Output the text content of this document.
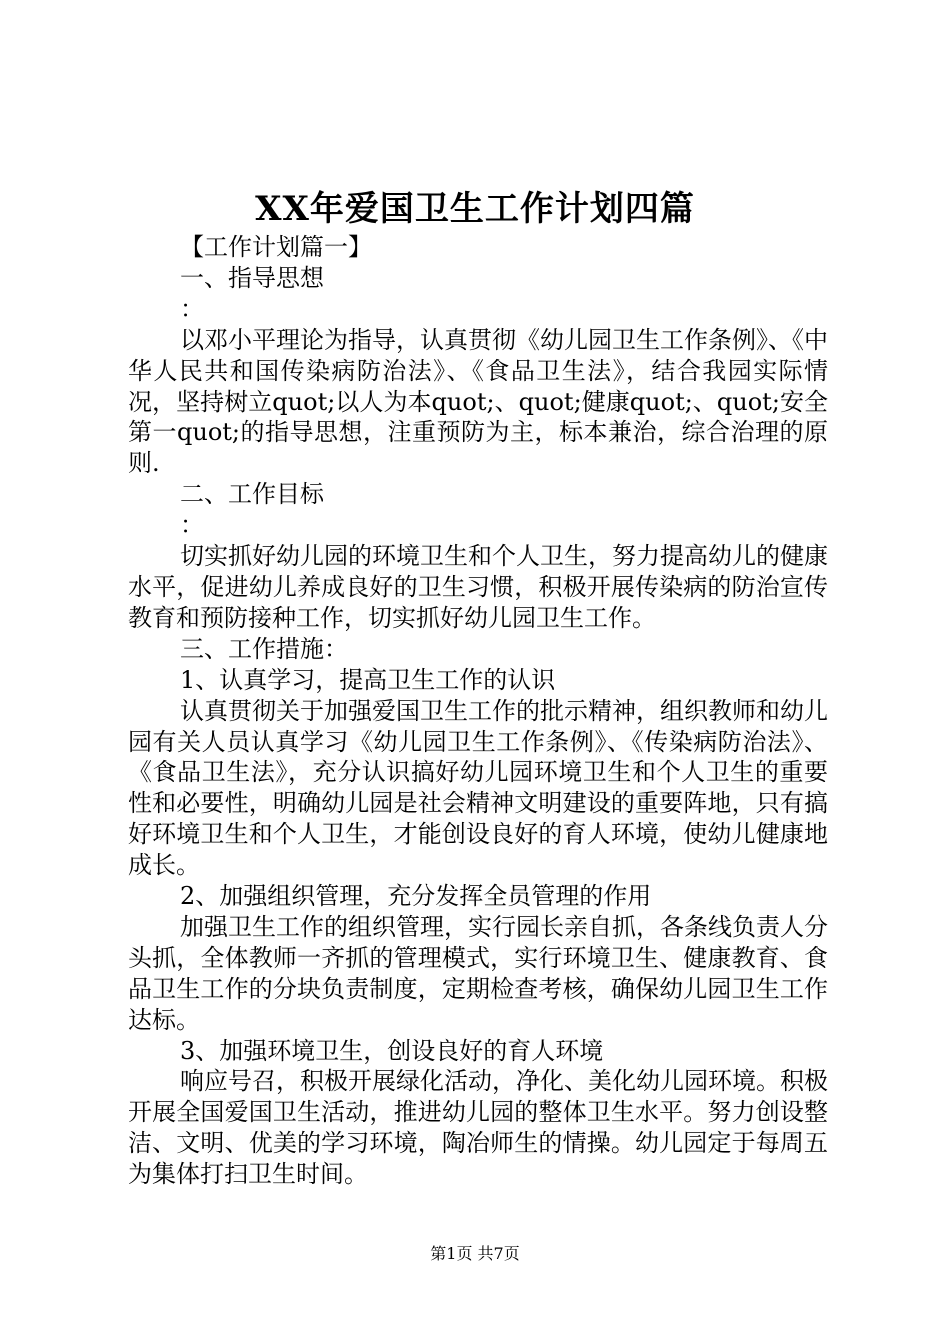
XX年爱国卫生工作计划四篇

【工作计划篇一】

一、指导思想

：

以邓小平理论为指导，认真贯彻《幼儿园卫生工作条例》、《中华人民共和国传染病防治法》、《食品卫生法》，结合我园实际情况，坚持树立quot;以人为本quot;、quot;健康quot;、quot;安全第一quot;的指导思想，注重预防为主，标本兼治，综合治理的原则.

二、工作目标

：

切实抓好幼儿园的环境卫生和个人卫生，努力提高幼儿的健康水平，促进幼儿养成良好的卫生习惯，积极开展传染病的防治宣传教育和预防接种工作，切实抓好幼儿园卫生工作。

三、工作措施：

1、认真学习，提高卫生工作的认识

认真贯彻关于加强爱国卫生工作的批示精神，组织教师和幼儿园有关人员认真学习《幼儿园卫生工作条例》、《传染病防治法》、《食品卫生法》，充分认识搞好幼儿园环境卫生和个人卫生的重要性和必要性，明确幼儿园是社会精神文明建设的重要阵地，只有搞好环境卫生和个人卫生，才能创设良好的育人环境，使幼儿健康地成长。

2、加强组织管理，充分发挥全员管理的作用

加强卫生工作的组织管理，实行园长亲自抓，各条线负责人分头抓，全体教师一齐抓的管理模式，实行环境卫生、健康教育、食品卫生工作的分块负责制度，定期检查考核，确保幼儿园卫生工作达标。

3、加强环境卫生，创设良好的育人环境

响应号召，积极开展绿化活动，净化、美化幼儿园环境。积极开展全国爱国卫生活动，推进幼儿园的整体卫生水平。努力创设整洁、文明、优美的学习环境，陶冶师生的情操。幼儿园定于每周五为集体打扫卫生时间。

第1页 共7页
